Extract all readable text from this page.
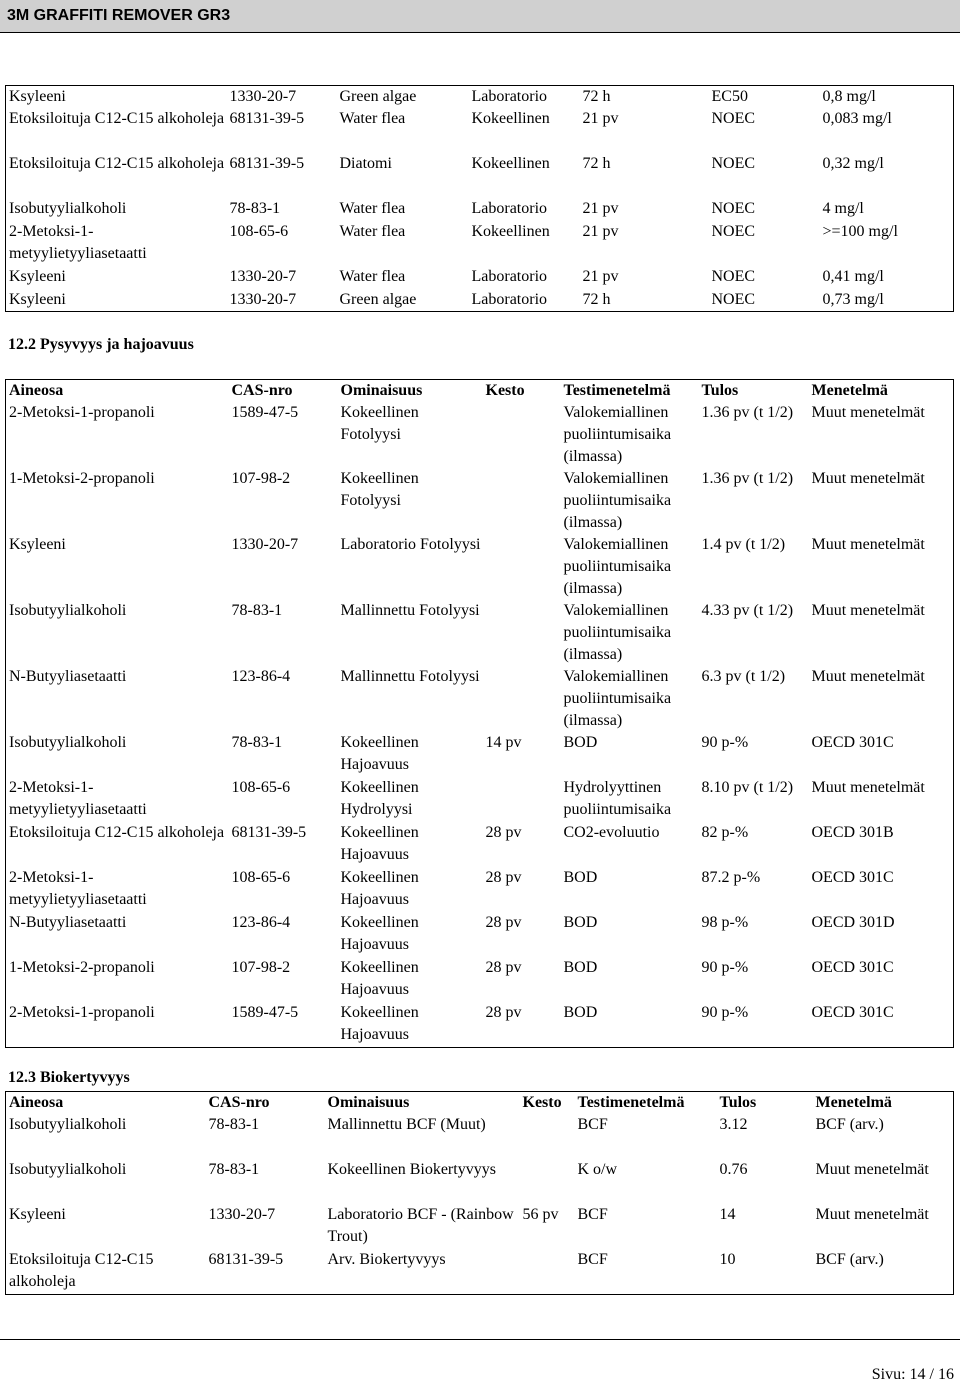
3M GRAFFITI REMOVER GR3
Ksyleeni	1330-20-7	Green algae	Laboratorio	72 h	EC50	0,8 mg/l
Etoksiloituja C12-C15 alkoholeja	68131-39-5	Water flea	Kokeellinen	21 pv	NOEC	0,083 mg/l
Etoksiloituja C12-C15 alkoholeja	68131-39-5	Diatomi	Kokeellinen	72 h	NOEC	0,32 mg/l
Isobutyylialkoholi	78-83-1	Water flea	Laboratorio	21 pv	NOEC	4 mg/l
2-Metoksi-1-metyylietyyliasetaatti	108-65-6	Water flea	Kokeellinen	21 pv	NOEC	>=100 mg/l
Ksyleeni	1330-20-7	Water flea	Laboratorio	21 pv	NOEC	0,41 mg/l
Ksyleeni	1330-20-7	Green algae	Laboratorio	72 h	NOEC	0,73 mg/l
12.2 Pysyvyys ja hajoavuus
Aineosa	CAS-nro	Ominaisuus	Kesto	Testimenetelmä	Tulos	Menetelmä
2-Metoksi-1-propanoli	1589-47-5	Kokeellinen Fotolyysi		Valokemiallinen puoliintumisaika (ilmassa)	1.36 pv (t 1/2)	Muut menetelmät
1-Metoksi-2-propanoli	107-98-2	Kokeellinen Fotolyysi		Valokemiallinen puoliintumisaika (ilmassa)	1.36 pv (t 1/2)	Muut menetelmät
Ksyleeni	1330-20-7	Laboratorio Fotolyysi		Valokemiallinen puoliintumisaika (ilmassa)	1.4 pv (t 1/2)	Muut menetelmät
Isobutyylialkoholi	78-83-1	Mallinnettu Fotolyysi		Valokemiallinen puoliintumisaika (ilmassa)	4.33 pv (t 1/2)	Muut menetelmät
N-Butyyliasetaatti	123-86-4	Mallinnettu Fotolyysi		Valokemiallinen puoliintumisaika (ilmassa)	6.3 pv (t 1/2)	Muut menetelmät
Isobutyylialkoholi	78-83-1	Kokeellinen Hajoavuus	14 pv	BOD	90 p-%	OECD 301C
2-Metoksi-1-metyylietyyliasetaatti	108-65-6	Kokeellinen Hydrolyysi		Hydrolyyttinen puoliintumisaika	8.10 pv (t 1/2)	Muut menetelmät
Etoksiloituja C12-C15 alkoholeja	68131-39-5	Kokeellinen Hajoavuus	28 pv	CO2-evoluutio	82 p-%	OECD 301B
2-Metoksi-1-metyylietyyliasetaatti	108-65-6	Kokeellinen Hajoavuus	28 pv	BOD	87.2 p-%	OECD 301C
N-Butyyliasetaatti	123-86-4	Kokeellinen Hajoavuus	28 pv	BOD	98 p-%	OECD 301D
1-Metoksi-2-propanoli	107-98-2	Kokeellinen Hajoavuus	28 pv	BOD	90 p-%	OECD 301C
2-Metoksi-1-propanoli	1589-47-5	Kokeellinen Hajoavuus	28 pv	BOD	90 p-%	OECD 301C
12.3 Biokertyvyys
Aineosa	CAS-nro	Ominaisuus	Kesto	Testimenetelmä	Tulos	Menetelmä
Isobutyylialkoholi	78-83-1	Mallinnettu BCF (Muut)		BCF	3.12	BCF (arv.)
Isobutyylialkoholi	78-83-1	Kokeellinen Biokertyvyys		K o/w	0.76	Muut menetelmät
Ksyleeni	1330-20-7	Laboratorio BCF - (Rainbow Trout)	56 pv	BCF	14	Muut menetelmät
Etoksiloituja C12-C15 alkoholeja	68131-39-5	Arv. Biokertyvyys		BCF	10	BCF (arv.)
Sivu: 14 / 16
